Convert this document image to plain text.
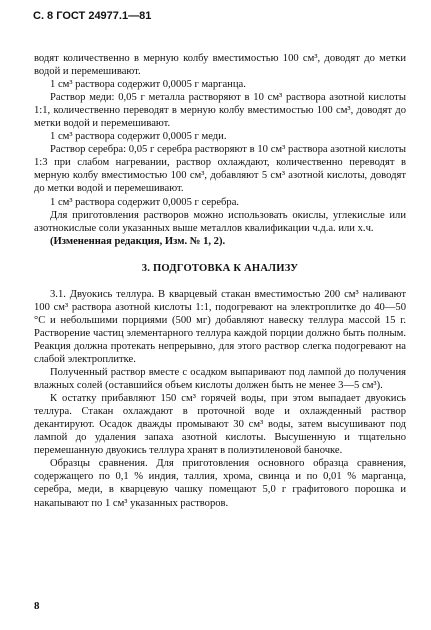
С. 8 ГОСТ 24977.1—81

водят количественно в мерную колбу вместимостью 100 см³, доводят до метки водой и перемешивают.

1 см³ раствора содержит 0,0005 г марганца.

Раствор меди: 0,05 г металла растворяют в 10 см³ раствора азотной кислоты 1:1, количественно переводят в мерную колбу вместимостью 100 см³, доводят до метки водой и перемешивают.

1 см³ раствора содержит 0,0005 г меди.

Раствор серебра: 0,05 г серебра растворяют в 10 см³ раствора азотной кислоты 1:3 при слабом нагревании, раствор охлаждают, количественно переводят в мерную колбу вместимостью 100 см³, добавляют 5 см³ азотной кислоты, доводят до метки водой и перемешивают.

1 см³ раствора содержит 0,0005 г серебра.

Для приготовления растворов можно использовать окислы, углекислые или азотнокислые соли указанных выше металлов квалификации ч.д.а. или х.ч.

(Измененная редакция, Изм. № 1, 2).

3. ПОДГОТОВКА К АНАЛИЗУ

3.1. Двуокись теллура. В кварцевый стакан вместимостью 200 см³ наливают 100 см³ раствора азотной кислоты 1:1, подогревают на электроплитке до 40—50 °С и небольшими порциями (500 мг) добавляют навеску теллура массой 15 г. Растворение частиц элементарного теллура каждой порции должно быть полным. Реакция должна протекать непрерывно, для этого раствор слегка подогревают на слабой электроплитке.

Полученный раствор вместе с осадком выпаривают под лампой до получения влажных солей (оставшийся объем кислоты должен быть не менее 3—5 см³).

К остатку прибавляют 150 см³ горячей воды, при этом выпадает двуокись теллура. Стакан охлаждают в проточной воде и охлажденный раствор декантируют. Осадок дважды промывают 30 см³ воды, затем высушивают под лампой до удаления запаха азотной кислоты. Высушенную и тщательно перемешанную двуокись теллура хранят в полиэтиленовой баночке.

Образцы сравнения. Для приготовления основного образца сравнения, содержащего по 0,1 % индия, таллия, хрома, свинца и по 0,01 % марганца, серебра, меди, в кварцевую чашку помещают 5,0 г графитового порошка и накапывают по 1 см³ указанных растворов.

8
